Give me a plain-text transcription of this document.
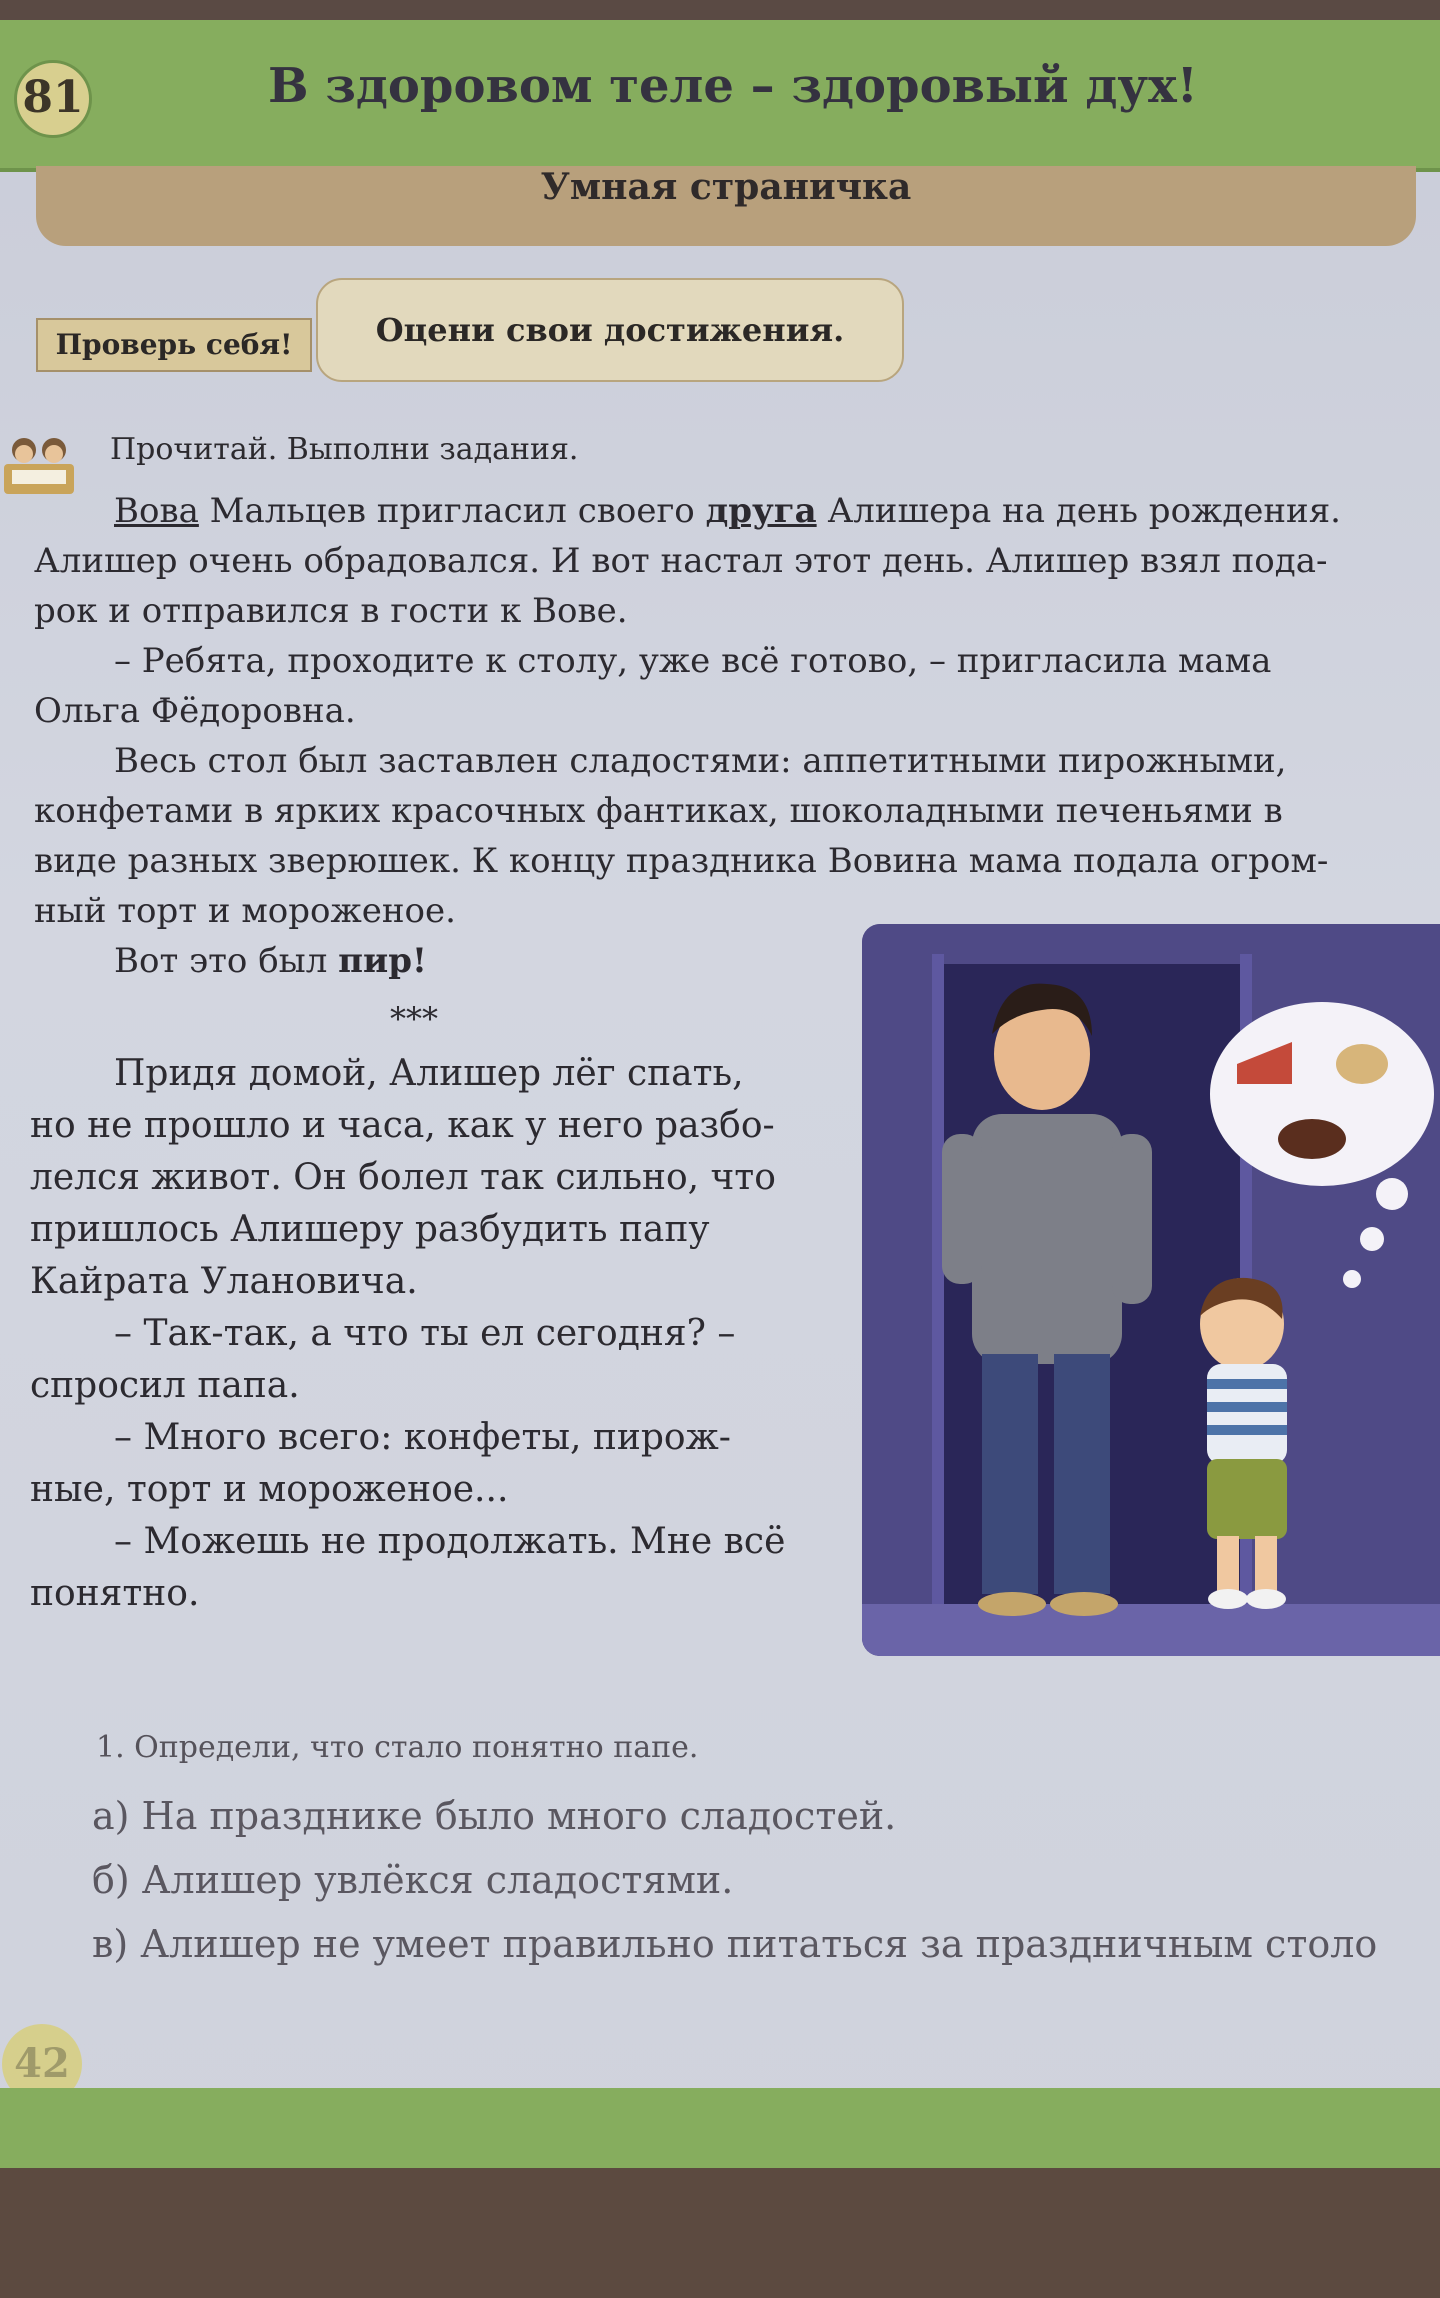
81	В здоровом теле – здоровый дух!
Умная страничка
Проверь себя!	Оцени свои достижения.
Прочитай. Выполни задания.

Вова Мальцев пригласил своего друга Алишера на день рождения.

Алишер очень обрадовался. И вот настал этот день. Алишер взял пода-

рок и отправился в гости к Вове.

– Ребята, проходите к столу, уже всё готово, – пригласила мама

Ольга Фёдоровна.

Весь стол был заставлен сладостями: аппетитными пирожными,

конфетами в ярких красочных фантиках, шоколадными печеньями в

виде разных зверюшек. К концу праздника Вовина мама подала огром-

ный торт и мороженое.

Вот это был пир!

***

Придя домой, Алишер лёг спать,

но не прошло и часа, как у него разбо-

лелся живот. Он болел так сильно, что

пришлось Алишеру разбудить папу

Кайрата Улановича.

– Так-так, а что ты ел сегодня? –

спросил папа.

– Много всего: конфеты, пирож-

ные, торт и мороженое...

– Можешь не продолжать. Мне всё

понятно.

1. Определи, что стало понятно папе.

а) На празднике было много сладостей.

б) Алишер увлёкся сладостями.

в) Алишер не умеет правильно питаться за праздничным столо

42
